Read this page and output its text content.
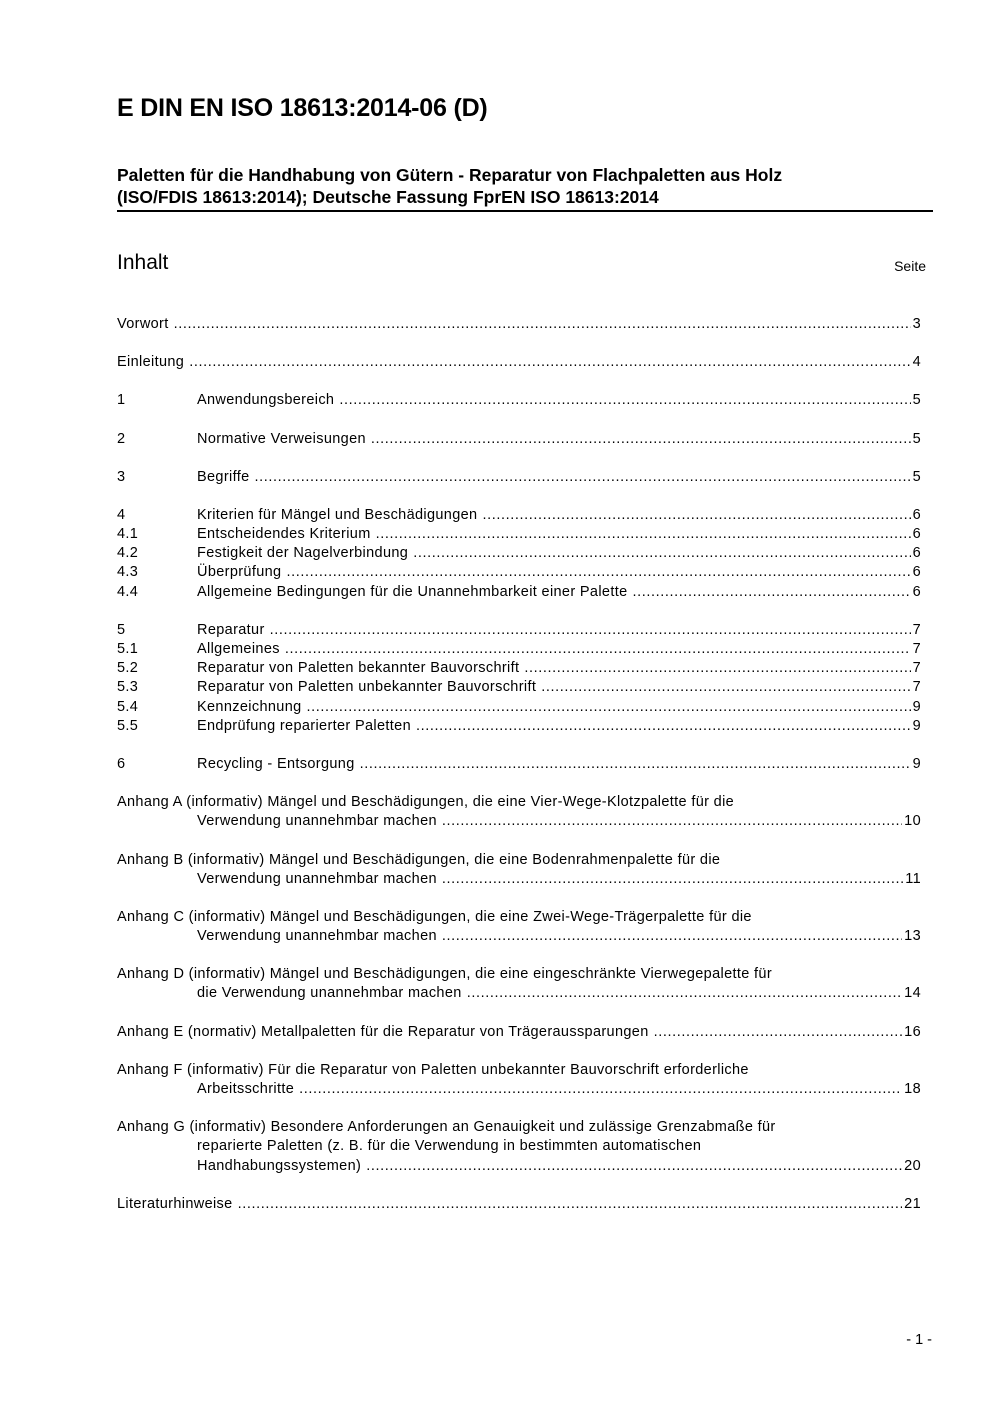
E DIN EN ISO 18613:2014-06 (D)
Paletten für die Handhabung von Gütern - Reparatur von Flachpaletten aus Holz
(ISO/FDIS 18613:2014); Deutsche Fassung FprEN ISO 18613:2014
Inhalt	Seite
Vorwort .....	3
Einleitung .....	4
1	Anwendungsbereich .....	5
2	Normative Verweisungen .....	5
3	Begriffe .....	5
4	Kriterien für Mängel und Beschädigungen .....	6
4.1	Entscheidendes Kriterium .....	6
4.2	Festigkeit der Nagelverbindung .....	6
4.3	Überprüfung .....	6
4.4	Allgemeine Bedingungen für die Unannehmbarkeit einer Palette .....	6
5	Reparatur .....	7
5.1	Allgemeines .....	7
5.2	Reparatur von Paletten bekannter Bauvorschrift .....	7
5.3	Reparatur von Paletten unbekannter Bauvorschrift .....	7
5.4	Kennzeichnung .....	9
5.5	Endprüfung reparierter Paletten .....	9
6	Recycling - Entsorgung .....	9
Anhang A (informativ) Mängel und Beschädigungen, die eine Vier-Wege-Klotzpalette für die
Verwendung unannehmbar machen .....	10
Anhang B (informativ) Mängel und Beschädigungen, die eine Bodenrahmenpalette für die
Verwendung unannehmbar machen .....	11
Anhang C (informativ) Mängel und Beschädigungen, die eine Zwei-Wege-Trägerpalette für die
Verwendung unannehmbar machen .....	13
Anhang D (informativ) Mängel und Beschädigungen, die eine eingeschränkte Vierwegepalette für
die Verwendung unannehmbar machen .....	14
Anhang E (normativ) Metallpaletten für die Reparatur von Trägeraussparungen .....	16
Anhang F (informativ) Für die Reparatur von Paletten unbekannter Bauvorschrift erforderliche
Arbeitsschritte .....	18
Anhang G (informativ) Besondere Anforderungen an Genauigkeit und zulässige Grenzabmaße für
reparierte Paletten (z. B. für die Verwendung in bestimmten automatischen
Handhabungssystemen) .....	20
Literaturhinweise .....	21
- 1 -
